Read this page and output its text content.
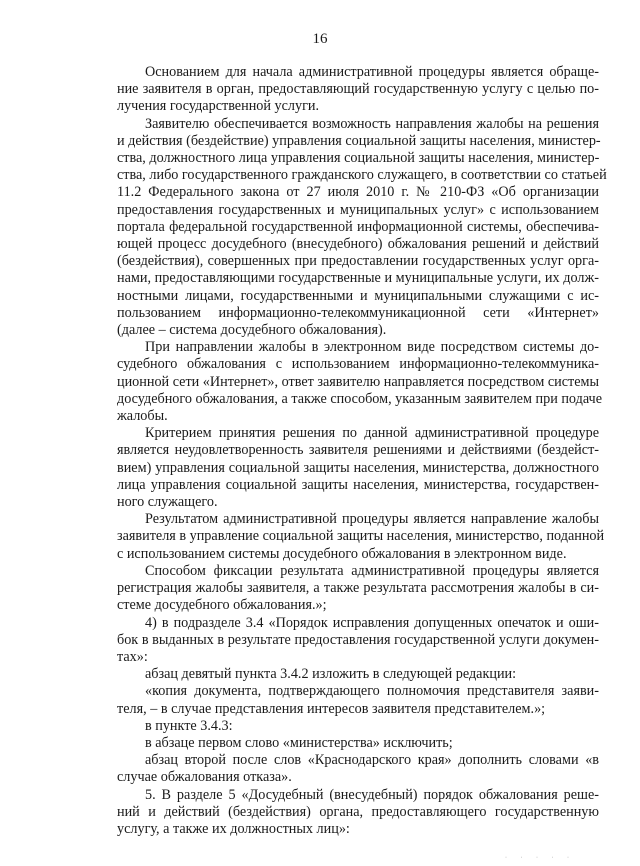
16

Основанием для начала административной процедуры является обраще-
ние заявителя в орган, предоставляющий государственную услугу с целью по-
лучения государственной услуги.

Заявителю обеспечивается возможность направления жалобы на решения
и действия (бездействие) управления социальной защиты населения, министер-
ства, должностного лица управления социальной защиты населения, министер-
ства, либо государственного гражданского служащего, в соответствии со статьей
11.2 Федерального закона от 27 июля 2010 г. № 210-ФЗ «Об организации
предоставления государственных и муниципальных услуг» с использованием
портала федеральной государственной информационной системы, обеспечива-
ющей процесс досудебного (внесудебного) обжалования решений и действий
(бездействия), совершенных при предоставлении государственных услуг орга-
нами, предоставляющими государственные и муниципальные услуги, их долж-
ностными лицами, государственными и муниципальными служащими с ис-
пользованием информационно-телекоммуникационной сети «Интернет»
(далее – система досудебного обжалования).

При направлении жалобы в электронном виде посредством системы до-
судебного обжалования с использованием информационно-телекоммуника-
ционной сети «Интернет», ответ заявителю направляется посредством системы
досудебного обжалования, а также способом, указанным заявителем при подаче
жалобы.

Критерием принятия решения по данной административной процедуре
является неудовлетворенность заявителя решениями и действиями (бездейст-
вием) управления социальной защиты населения, министерства, должностного
лица управления социальной защиты населения, министерства, государствен-
ного служащего.

Результатом административной процедуры является направление жалобы
заявителя в управление социальной защиты населения, министерство, поданной
с использованием системы досудебного обжалования в электронном виде.

Способом фиксации результата административной процедуры является
регистрация жалобы заявителя, а также результата рассмотрения жалобы в си-
стеме досудебного обжалования.»;

4) в подразделе 3.4 «Порядок исправления допущенных опечаток и оши-
бок в выданных в результате предоставления государственной услуги докумен-
тах»:

абзац девятый пункта 3.4.2 изложить в следующей редакции:

«копия документа, подтверждающего полномочия представителя заяви-
теля, – в случае представления интересов заявителя представителем.»;

в пункте 3.4.3:

в абзаце первом слово «министерства» исключить;

абзац второй после слов «Краснодарского края» дополнить словами «в
случае обжалования отказа».

5. В разделе 5 «Досудебный (внесудебный) порядок обжалования реше-
ний и действий (бездействия) органа, предоставляющего государственную
услугу, а также их должностных лиц»:

· · · · ·
